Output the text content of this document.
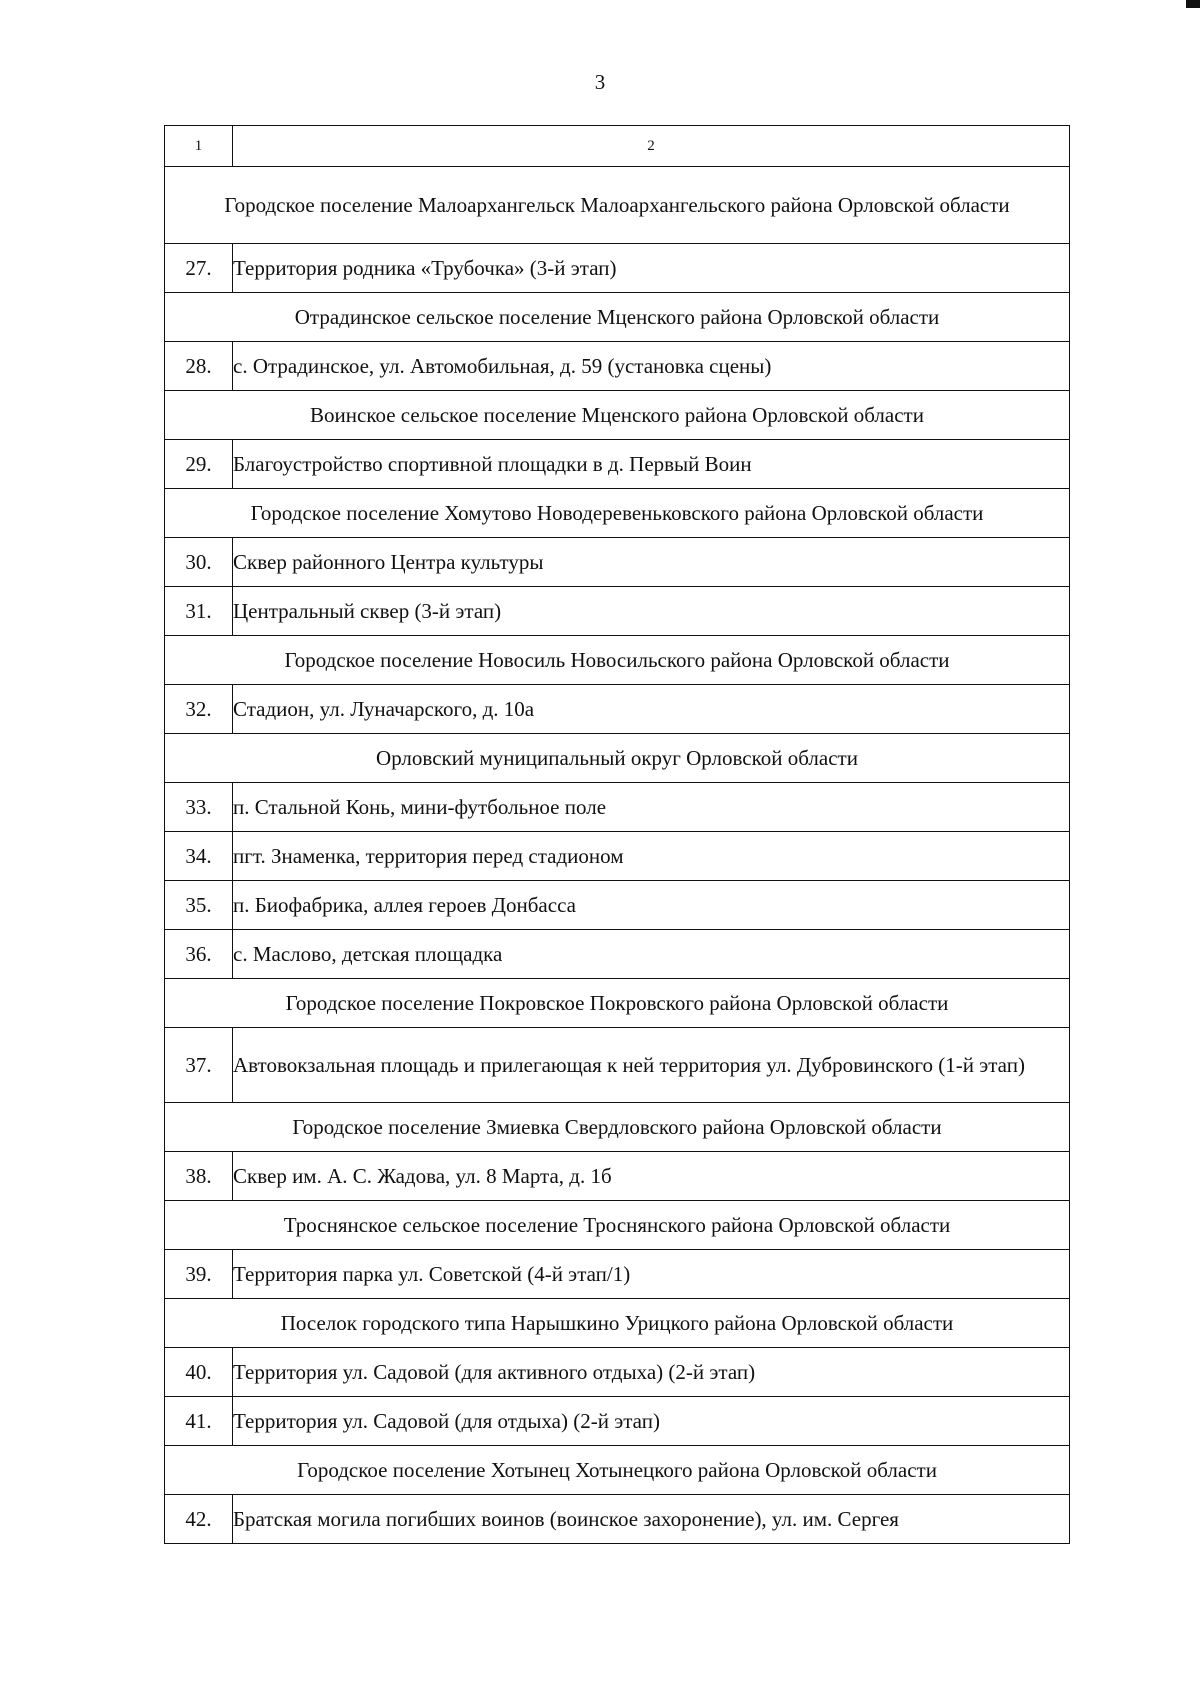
3
1	2
Городское поселение Малоархангельск Малоархангельского района Орловской области	
27.	Территория родника «Трубочка» (3-й этап)
Отрадинское сельское поселение Мценского района Орловской области	
28.	с. Отрадинское, ул. Автомобильная, д. 59 (установка сцены)
Воинское сельское поселение Мценского района Орловской области	
29.	Благоустройство спортивной площадки в д. Первый Воин
Городское поселение Хомутово Новодеревеньковского района Орловской области	
30.	Сквер районного Центра культуры
31.	Центральный сквер (3-й этап)
Городское поселение Новосиль Новосильского района Орловской области	
32.	Стадион, ул. Луначарского, д. 10а
Орловский муниципальный округ Орловской области	
33.	п. Стальной Конь, мини-футбольное поле
34.	пгт. Знаменка, территория перед стадионом
35.	п. Биофабрика, аллея героев Донбасса
36.	с. Маслово, детская площадка
Городское поселение Покровское Покровского района Орловской области	
37.	Автовокзальная площадь и прилегающая к ней территория ул. Дубровинского (1-й этап)
Городское поселение Змиевка Свердловского района Орловской области	
38.	Сквер им. А. С. Жадова, ул. 8 Марта, д. 1б
Троснянское сельское поселение Троснянского района Орловской области	
39.	Территория парка ул. Советской (4-й этап/1)
Поселок городского типа Нарышкино Урицкого района Орловской области	
40.	Территория ул. Садовой (для активного отдыха) (2-й этап)
41.	Территория ул. Садовой (для отдыха) (2-й этап)
Городское поселение Хотынец Хотынецкого района Орловской области	
42.	Братская могила погибших воинов (воинское захоронение), ул. им. Сергея
